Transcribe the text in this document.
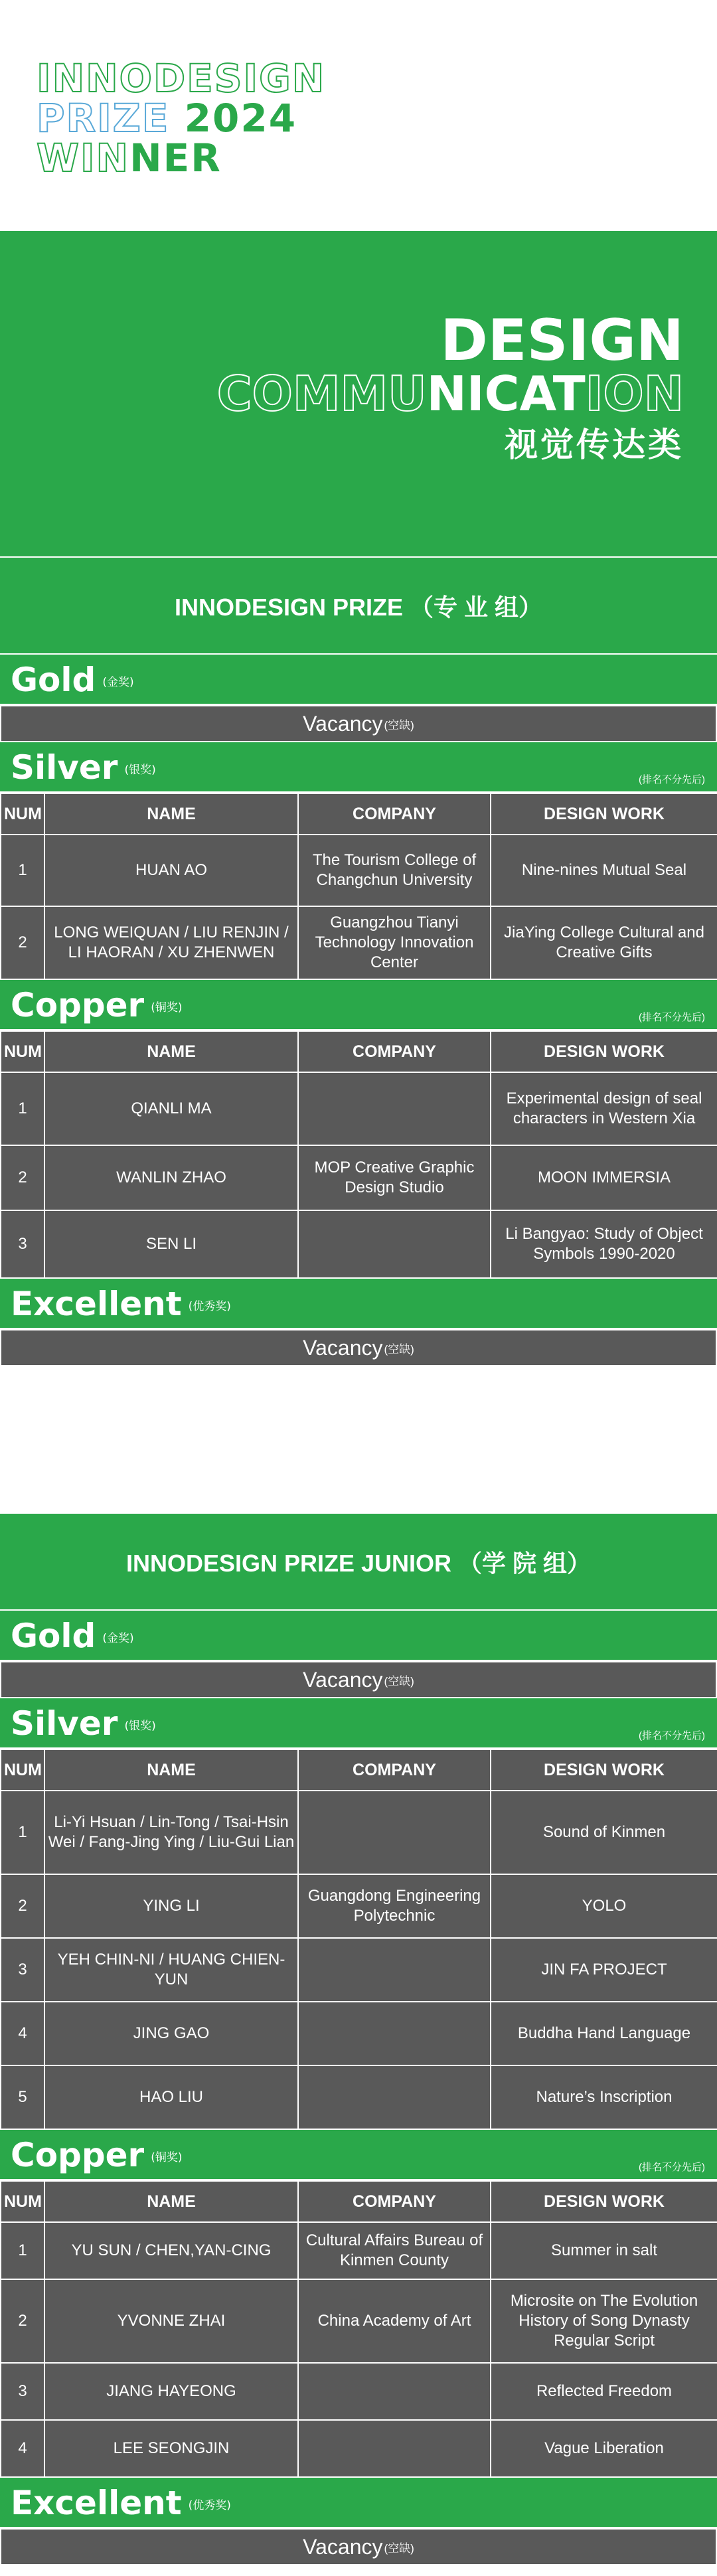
INNODESIGN
PRIZE 2024
WINNER
DESIGN
COMMUNICATION
视觉传达类
INNODESIGN PRIZE （专 业 组）
Gold (金奖)
Vacancy (空缺)
Silver (银奖)
(排名不分先后)
NUM	NAME	COMPANY	DESIGN WORK
1	HUAN AO	The Tourism College of Changchun University	Nine-nines Mutual Seal
2	LONG WEIQUAN / LIU RENJIN / LI HAORAN / XU ZHENWEN	Guangzhou Tianyi Technology Innovation Center	JiaYing College Cultural and Creative Gifts
Copper (铜奖)
(排名不分先后)
NUM	NAME	COMPANY	DESIGN WORK
1	QIANLI MA		Experimental design of seal characters in Western Xia
2	WANLIN ZHAO	MOP Creative Graphic Design Studio	MOON IMMERSIA
3	SEN LI		Li Bangyao: Study of Object Symbols 1990-2020
Excellent (优秀奖)
Vacancy (空缺)
INNODESIGN PRIZE JUNIOR （学 院 组）
Gold (金奖)
Vacancy (空缺)
Silver (银奖)
(排名不分先后)
NUM	NAME	COMPANY	DESIGN WORK
1	Li-Yi Hsuan / Lin-Tong / Tsai-Hsin Wei / Fang-Jing Ying / Liu-Gui Lian		Sound of Kinmen
2	YING LI	Guangdong Engineering Polytechnic	YOLO
3	YEH CHIN-NI / HUANG CHIEN-YUN		JIN FA PROJECT
4	JING GAO		Buddha Hand Language
5	HAO LIU		Nature’s Inscription
Copper (铜奖)
(排名不分先后)
NUM	NAME	COMPANY	DESIGN WORK
1	YU SUN / CHEN,YAN-CING	Cultural Affairs Bureau of Kinmen County	Summer in salt
2	YVONNE ZHAI	China Academy of Art	Microsite on The Evolution History of Song Dynasty Regular Script
3	JIANG HAYEONG		Reflected Freedom
4	LEE SEONGJIN		Vague Liberation
Excellent (优秀奖)
Vacancy (空缺)
